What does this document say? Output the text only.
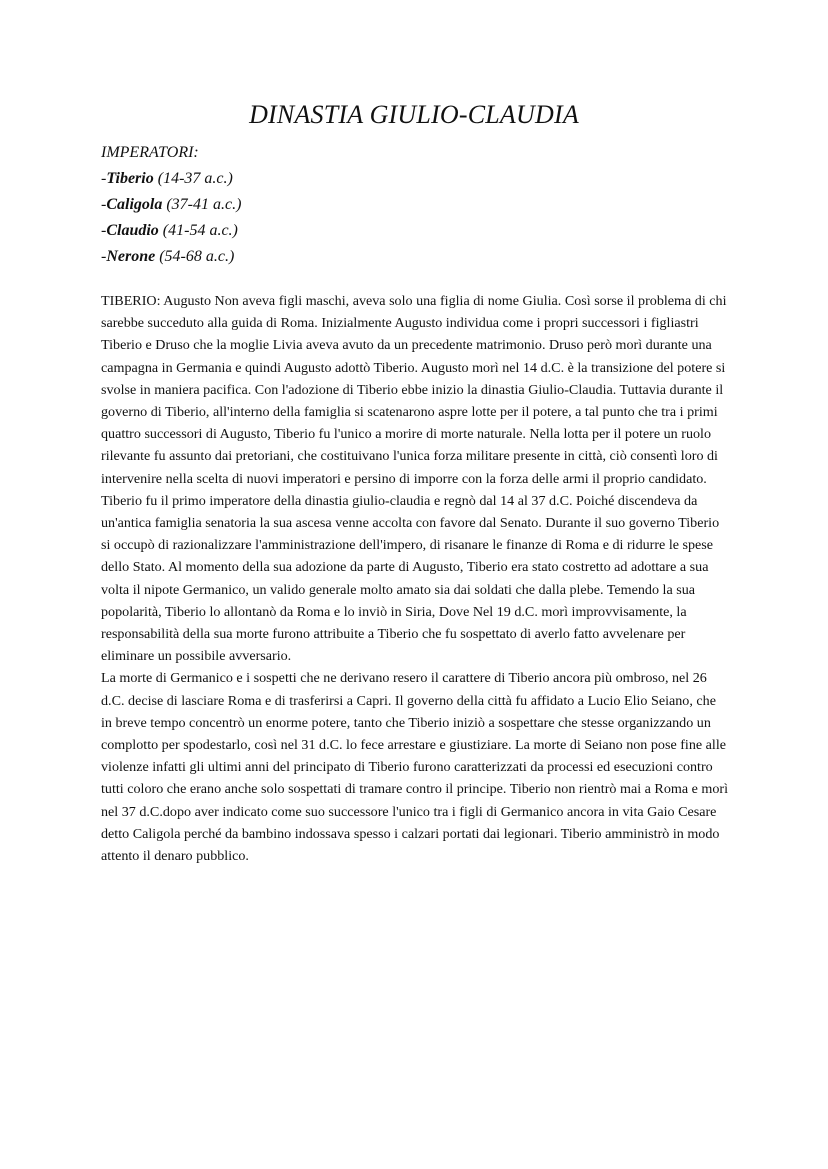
DINASTIA GIULIO-CLAUDIA
IMPERATORI:
-Tiberio (14-37 a.c.)
-Caligola (37-41 a.c.)
-Claudio (41-54 a.c.)
-Nerone (54-68 a.c.)

TIBERIO: Augusto Non aveva figli maschi, aveva solo una figlia di nome Giulia. Così sorse il problema di chi sarebbe succeduto alla guida di Roma. Inizialmente Augusto individua come i propri successori i figliastri Tiberio e Druso che la moglie Livia aveva avuto da un precedente matrimonio. Druso però morì durante una campagna in Germania e quindi Augusto adottò Tiberio. Augusto morì nel 14 d.C. è la transizione del potere si svolse in maniera pacifica. Con l'adozione di Tiberio ebbe inizio la dinastia Giulio-Claudia. Tuttavia durante il governo di Tiberio, all'interno della famiglia si scatenarono aspre lotte per il potere, a tal punto che tra i primi quattro successori di Augusto, Tiberio fu l'unico a morire di morte naturale. Nella lotta per il potere un ruolo rilevante fu assunto dai pretoriani, che costituivano l'unica forza militare presente in città, ciò consentì loro di intervenire nella scelta di nuovi imperatori e persino di imporre con la forza delle armi il proprio candidato. Tiberio fu il primo imperatore della dinastia giulio-claudia e regnò dal 14 al 37 d.C. Poiché discendeva da un'antica famiglia senatoria la sua ascesa venne accolta con favore dal Senato. Durante il suo governo Tiberio si occupò di razionalizzare l'amministrazione dell'impero, di risanare le finanze di Roma e di ridurre le spese dello Stato. Al momento della sua adozione da parte di Augusto, Tiberio era stato costretto ad adottare a sua volta il nipote Germanico, un valido generale molto amato sia dai soldati che dalla plebe. Temendo la sua popolarità, Tiberio lo allontanò da Roma e lo inviò in Siria, Dove Nel 19 d.C. morì improvvisamente, la responsabilità della sua morte furono attribuite a Tiberio che fu sospettato di averlo fatto avvelenare per eliminare un possibile avversario.

La morte di Germanico e i sospetti che ne derivano resero il carattere di Tiberio ancora più ombroso, nel 26 d.C. decise di lasciare Roma e di trasferirsi a Capri. Il governo della città fu affidato a Lucio Elio Seiano, che in breve tempo concentrò un enorme potere, tanto che Tiberio iniziò a sospettare che stesse organizzando un complotto per spodestarlo, così nel 31 d.C. lo fece arrestare e giustiziare. La morte di Seiano non pose fine alle violenze infatti gli ultimi anni del principato di Tiberio furono caratterizzati da processi ed esecuzioni contro tutti coloro che erano anche solo sospettati di tramare contro il principe. Tiberio non rientrò mai a Roma e morì nel 37 d.C.dopo aver indicato come suo successore l'unico tra i figli di Germanico ancora in vita Gaio Cesare detto Caligola perché da bambino indossava spesso i calzari portati dai legionari. Tiberio amministrò in modo attento il denaro pubblico.
